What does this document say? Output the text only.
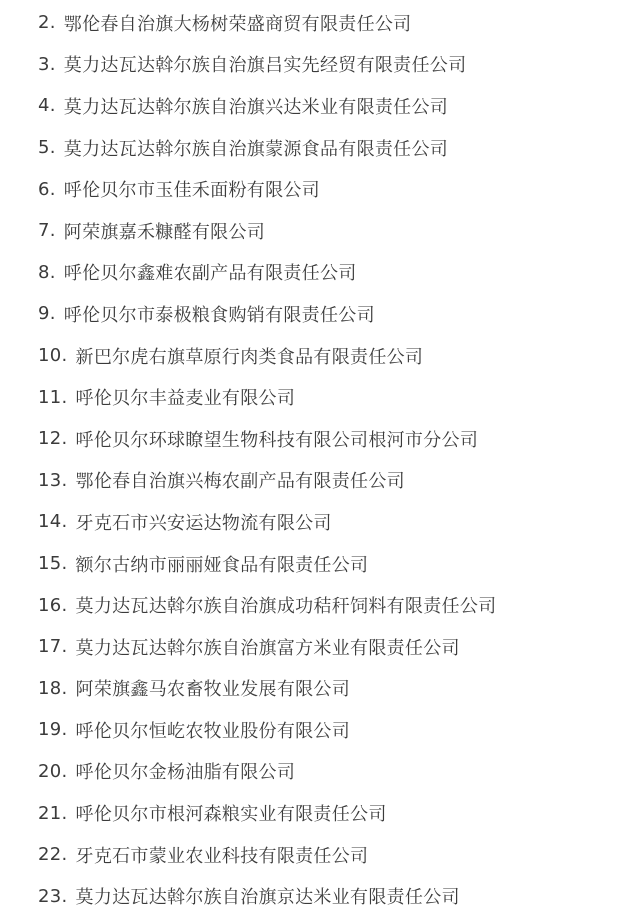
2. 鄂伦春自治旗大杨树荣盛商贸有限责任公司
3. 莫力达瓦达斡尔族自治旗吕实先经贸有限责任公司
4. 莫力达瓦达斡尔族自治旗兴达米业有限责任公司
5. 莫力达瓦达斡尔族自治旗蒙源食品有限责任公司
6. 呼伦贝尔市玉佳禾面粉有限公司
7. 阿荣旗嘉禾糠醛有限公司
8. 呼伦贝尔鑫难农副产品有限责任公司
9. 呼伦贝尔市泰极粮食购销有限责任公司
10. 新巴尔虎右旗草原行肉类食品有限责任公司
11. 呼伦贝尔丰益麦业有限公司
12. 呼伦贝尔环球瞭望生物科技有限公司根河市分公司
13. 鄂伦春自治旗兴梅农副产品有限责任公司
14. 牙克石市兴安运达物流有限公司
15. 额尔古纳市丽丽娅食品有限责任公司
16. 莫力达瓦达斡尔族自治旗成功秸秆饲料有限责任公司
17. 莫力达瓦达斡尔族自治旗富方米业有限责任公司
18. 阿荣旗鑫马农畜牧业发展有限公司
19. 呼伦贝尔恒屹农牧业股份有限公司
20. 呼伦贝尔金杨油脂有限公司
21. 呼伦贝尔市根河森粮实业有限责任公司
22. 牙克石市蒙业农业科技有限责任公司
23. 莫力达瓦达斡尔族自治旗京达米业有限责任公司
